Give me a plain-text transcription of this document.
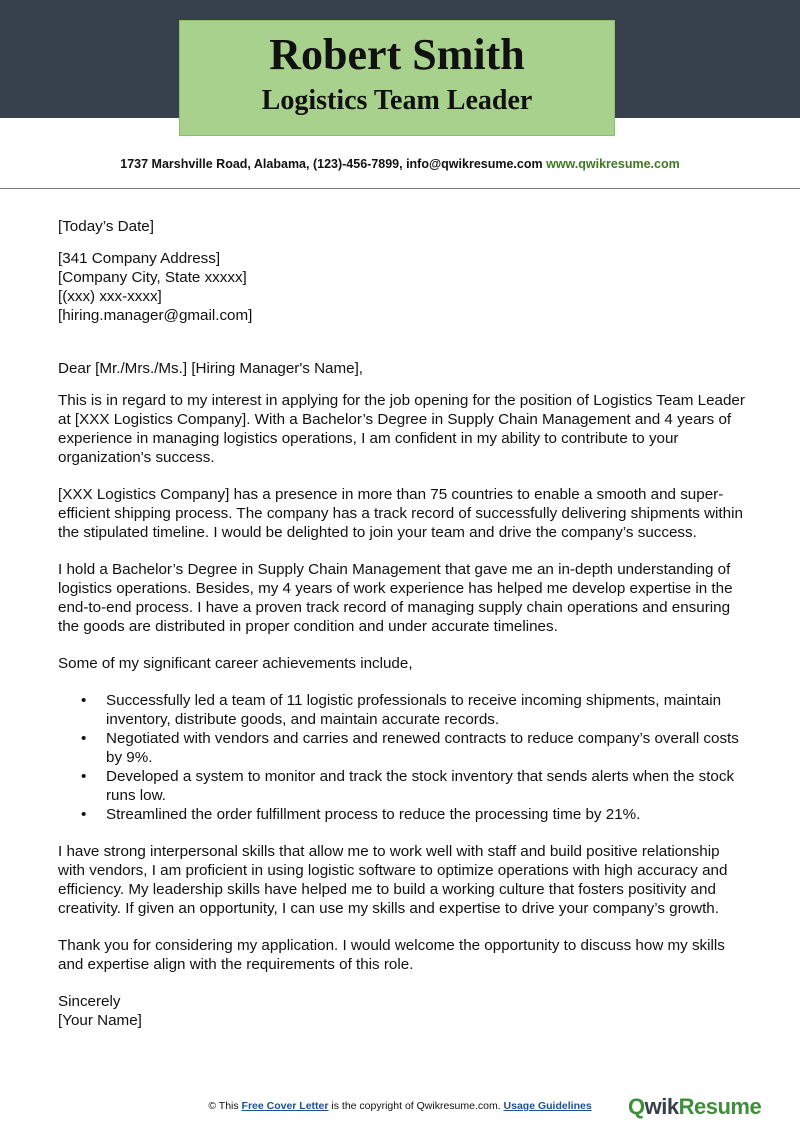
Robert Smith
Logistics Team Leader
1737 Marshville Road, Alabama, (123)-456-7899, info@qwikresume.com www.qwikresume.com

[Today’s Date]

[341 Company Address]

[Company City, State xxxxx]

[(xxx) xxx-xxxx]

[hiring.manager@gmail.com]

Dear [Mr./Mrs./Ms.] [Hiring Manager's Name],

This is in regard to my interest in applying for the job opening for the position of Logistics Team Leader at [XXX Logistics Company]. With a Bachelor’s Degree in Supply Chain Management and 4 years of experience in managing logistics operations, I am confident in my ability to contribute to your organization's success.

[XXX Logistics Company] has a presence in more than 75 countries to enable a smooth and super-efficient shipping process. The company has a track record of successfully delivering shipments within the stipulated timeline. I would be delighted to join your team and drive the company’s success.

I hold a Bachelor’s Degree in Supply Chain Management that gave me an in-depth understanding of logistics operations. Besides, my 4 years of work experience has helped me develop expertise in the end-to-end process. I have a proven track record of managing supply chain operations and ensuring the goods are distributed in proper condition and under accurate timelines.

Some of my significant career achievements include,

• Successfully led a team of 11 logistic professionals to receive incoming shipments, maintain inventory, distribute goods, and maintain accurate records.
• Negotiated with vendors and carries and renewed contracts to reduce company’s overall costs by 9%.
• Developed a system to monitor and track the stock inventory that sends alerts when the stock runs low.
• Streamlined the order fulfillment process to reduce the processing time by 21%.

I have strong interpersonal skills that allow me to work well with staff and build positive relationship with vendors, I am proficient in using logistic software to optimize operations with high accuracy and efficiency. My leadership skills have helped me to build a working culture that fosters positivity and creativity. If given an opportunity, I can use my skills and expertise to drive your company’s growth.

Thank you for considering my application. I would welcome the opportunity to discuss how my skills and expertise align with the requirements of this role.

Sincerely

[Your Name]

© This Free Cover Letter is the copyright of Qwikresume.com. Usage Guidelines	QwikResume
